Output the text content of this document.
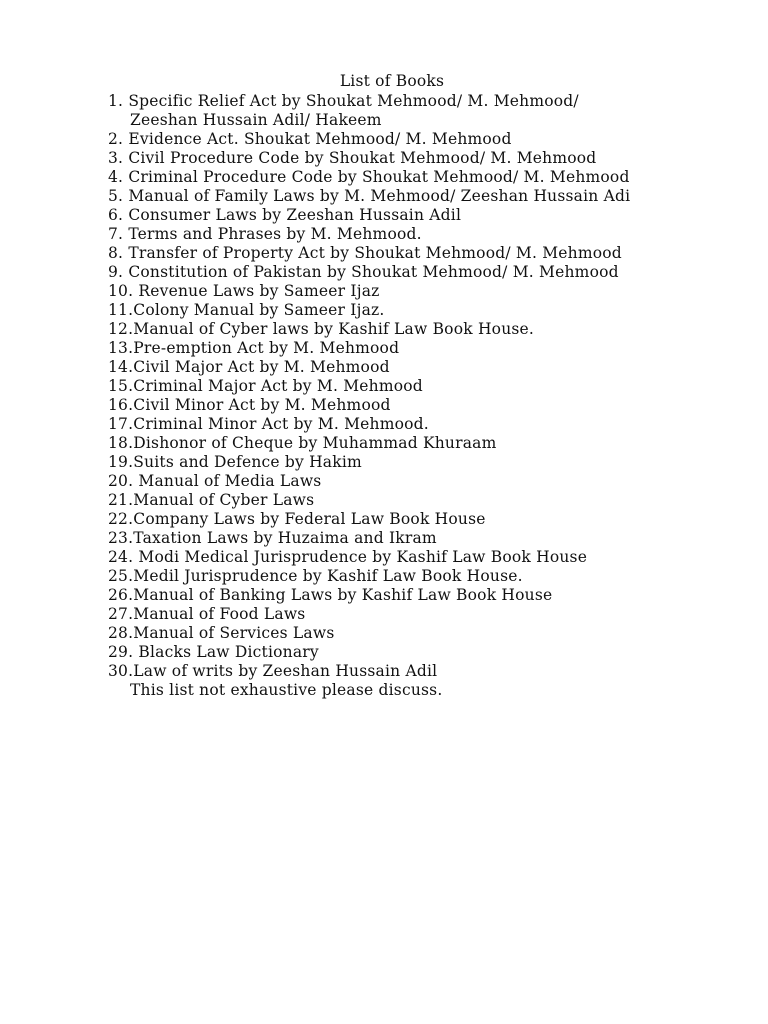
List of Books
1. Specific Relief Act by Shoukat Mehmood/ M. Mehmood/
Zeeshan Hussain Adil/ Hakeem
2. Evidence Act. Shoukat Mehmood/ M. Mehmood
3. Civil Procedure Code by Shoukat Mehmood/ M. Mehmood
4. Criminal Procedure Code by Shoukat Mehmood/ M. Mehmood
5. Manual of Family Laws by M. Mehmood/ Zeeshan Hussain Adi
6. Consumer Laws by Zeeshan Hussain Adil
7. Terms and Phrases by M. Mehmood.
8. Transfer of Property Act by Shoukat Mehmood/ M. Mehmood
9. Constitution of Pakistan by Shoukat Mehmood/ M. Mehmood
10. Revenue Laws by Sameer Ijaz
11.Colony Manual by Sameer Ijaz.
12.Manual of Cyber laws by Kashif Law Book House.
13.Pre-emption Act by M. Mehmood
14.Civil Major Act by M. Mehmood
15.Criminal Major Act by M. Mehmood
16.Civil Minor Act by M. Mehmood
17.Criminal Minor Act by M. Mehmood.
18.Dishonor of Cheque by Muhammad Khuraam
19.Suits and Defence by Hakim
20. Manual of Media Laws
21.Manual of Cyber Laws
22.Company Laws by Federal Law Book House
23.Taxation Laws by Huzaima and Ikram
24. Modi Medical Jurisprudence by Kashif Law Book House
25.Medil Jurisprudence by Kashif Law Book House.
26.Manual of Banking Laws by Kashif Law Book House
27.Manual of Food Laws
28.Manual of Services Laws
29. Blacks Law Dictionary
30.Law of writs by Zeeshan Hussain Adil
This list not exhaustive please discuss.
